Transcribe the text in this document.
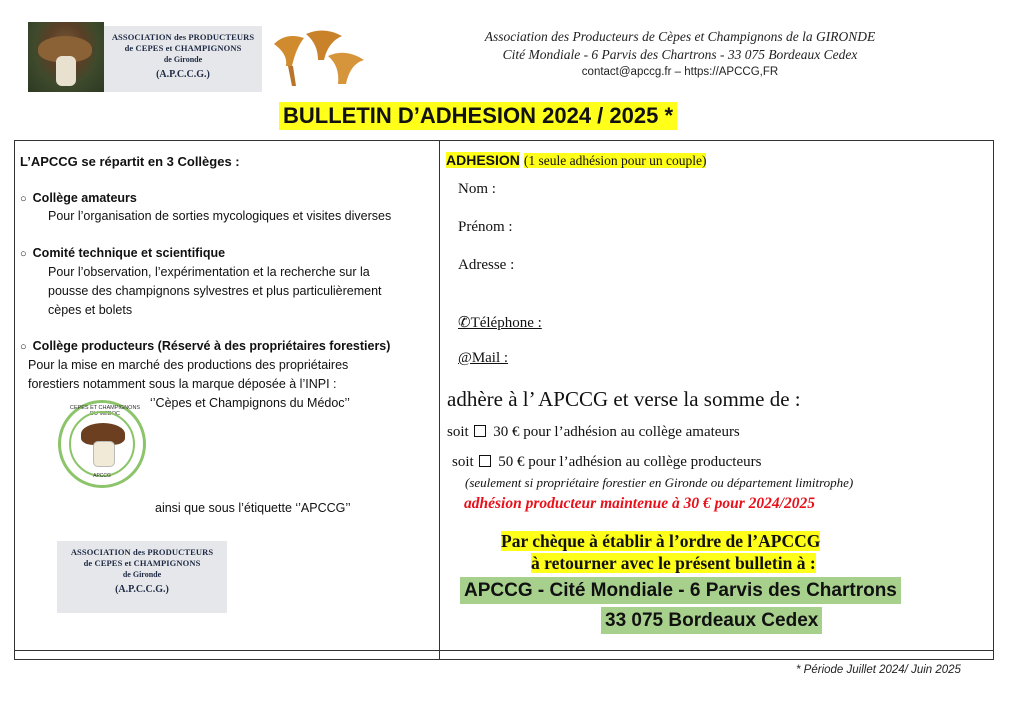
ASSOCIATION des PRODUCTEURS
de CEPES et CHAMPIGNONS
de Gironde
(A.P.C.C.G.)
Association des Producteurs de Cèpes et Champignons de la GIRONDE
Cité Mondiale - 6 Parvis des Chartrons - 33 075 Bordeaux Cedex
contact@apccg.fr – https://APCCG,FR
BULLETIN D’ADHESION 2024 / 2025 *
L’APCCG se répartit en 3 Collèges :
○ Collège amateurs
Pour l’organisation de sorties mycologiques et visites diverses
○ Comité technique et scientifique
Pour l’observation, l’expérimentation et la recherche sur la
pousse des champignons sylvestres et plus particulièrement
cèpes et bolets
○ Collège producteurs (Réservé à des propriétaires forestiers)
Pour la mise en marché des productions des propriétaires
forestiers notamment sous la marque déposée à l’INPI :
‘’Cèpes et Champignons du Médoc’’
CEPES ET CHAMPIGNONS DU MEDOC
APCCG
ainsi que sous l’étiquette ‘’APCCG’’
ASSOCIATION des PRODUCTEURS
de CEPES et CHAMPIGNONS
de Gironde
(A.P.C.C.G.)
ADHESION (1 seule adhésion pour un couple)
Nom :
Prénom :
Adresse :
✆Téléphone :
@Mail :
adhère à l’ APCCG et verse la somme de :
soit 30 € pour l’adhésion au collège amateurs
soit 50 € pour l’adhésion au collège producteurs
(seulement si propriétaire forestier en Gironde ou département limitrophe)
adhésion producteur maintenue à 30 € pour 2024/2025
Par chèque à établir à l’ordre de l’APCCG
à retourner avec le présent bulletin à :
APCCG - Cité Mondiale - 6 Parvis des Chartrons
33 075 Bordeaux Cedex
* Période Juillet 2024/ Juin 2025
